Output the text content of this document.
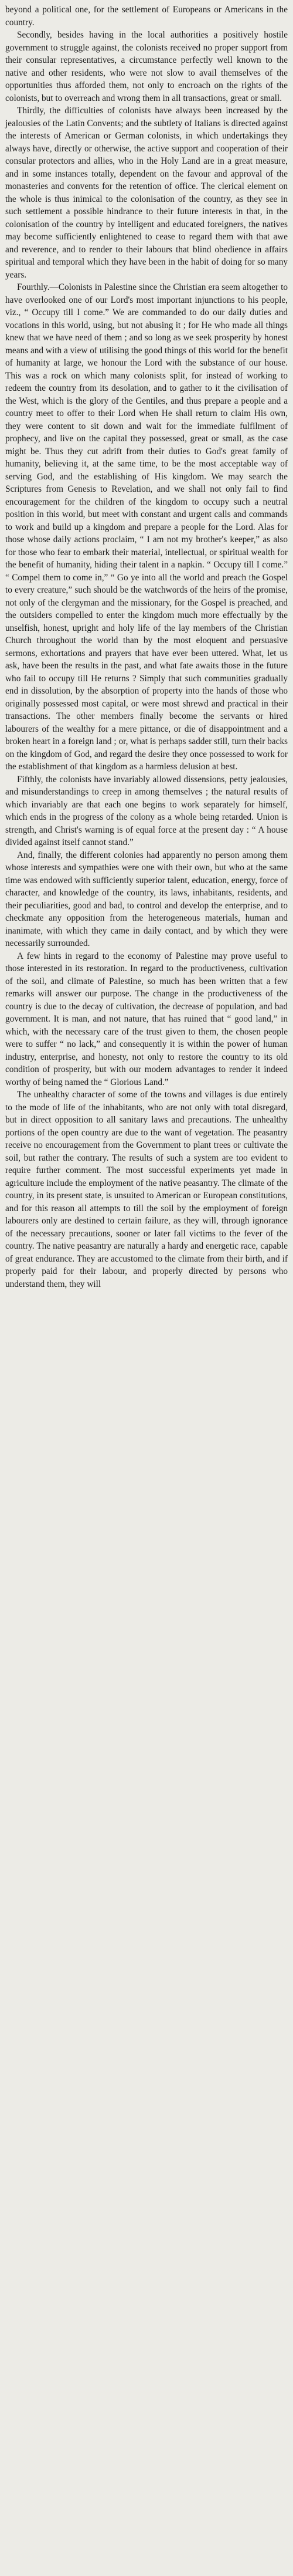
beyond a political one, for the settlement of Europeans or Americans in the country.

Secondly, besides having in the local authorities a positively hostile government to struggle against, the colonists received no proper support from their consular representatives, a circumstance perfectly well known to the native and other residents, who were not slow to avail themselves of the opportunities thus afforded them, not only to encroach on the rights of the colonists, but to overreach and wrong them in all transactions, great or small.

Thirdly, the difficulties of colonists have always been increased by the jealousies of the Latin Convents; and the subtlety of Italians is directed against the interests of American or German colonists, in which undertakings they always have, directly or otherwise, the active support and cooperation of their consular protectors and allies, who in the Holy Land are in a great measure, and in some instances totally, dependent on the favour and approval of the monasteries and convents for the retention of office. The clerical element on the whole is thus inimical to the colonisation of the country, as they see in such settlement a possible hindrance to their future interests in that, in the colonisation of the country by intelligent and educated foreigners, the natives may become sufficiently enlightened to cease to regard them with that awe and reverence, and to render to their labours that blind obedience in affairs spiritual and temporal which they have been in the habit of doing for so many years.

Fourthly.—Colonists in Palestine since the Christian era seem altogether to have overlooked one of our Lord's most important injunctions to his people, viz., “ Occupy till I come.” We are commanded to do our daily duties and vocations in this world, using, but not abusing it ; for He who made all things knew that we have need of them ; and so long as we seek prosperity by honest means and with a view of utilising the good things of this world for the benefit of humanity at large, we honour the Lord with the substance of our house. This was a rock on which many colonists split, for instead of working to redeem the country from its desolation, and to gather to it the civilisation of the West, which is the glory of the Gentiles, and thus prepare a people and a country meet to offer to their Lord when He shall return to claim His own, they were content to sit down and wait for the immediate fulfilment of prophecy, and live on the capital they possessed, great or small, as the case might be. Thus they cut adrift from their duties to God's great family of humanity, believing it, at the same time, to be the most acceptable way of serving God, and the establishing of His kingdom. We may search the Scriptures from Genesis to Revelation, and we shall not only fail to find encouragement for the children of the kingdom to occupy such a neutral position in this world, but meet with constant and urgent calls and commands to work and build up a kingdom and prepare a people for the Lord. Alas for those whose daily actions proclaim, “ I am not my brother's keeper,” as also for those who fear to embark their material, intellectual, or spiritual wealth for the benefit of humanity, hiding their talent in a napkin. “ Occupy till I come.” “ Compel them to come in,” “ Go ye into all the world and preach the Gospel to every creature,” such should be the watchwords of the heirs of the promise, not only of the clergyman and the missionary, for the Gospel is preached, and the outsiders compelled to enter the kingdom much more effectually by the unselfish, honest, upright and holy life of the lay members of the Christian Church throughout the world than by the most eloquent and persuasive sermons, exhortations and prayers that have ever been uttered. What, let us ask, have been the results in the past, and what fate awaits those in the future who fail to occupy till He returns ? Simply that such communities gradually end in dissolution, by the absorption of property into the hands of those who originally possessed most capital, or were most shrewd and practical in their transactions. The other members finally become the servants or hired labourers of the wealthy for a mere pittance, or die of disappointment and a broken heart in a foreign land ; or, what is perhaps sadder still, turn their backs on the kingdom of God, and regard the desire they once possessed to work for the establishment of that kingdom as a harmless delusion at best.

Fifthly, the colonists have invariably allowed dissensions, petty jealousies, and misunderstandings to creep in among themselves ; the natural results of which invariably are that each one begins to work separately for himself, which ends in the progress of the colony as a whole being retarded. Union is strength, and Christ's warning is of equal force at the present day : “ A house divided against itself cannot stand.”

And, finally, the different colonies had apparently no person among them whose interests and sympathies were one with their own, but who at the same time was endowed with sufficiently superior talent, education, energy, force of character, and knowledge of the country, its laws, inhabitants, residents, and their peculiarities, good and bad, to control and develop the enterprise, and to checkmate any opposition from the heterogeneous materials, human and inanimate, with which they came in daily contact, and by which they were necessarily surrounded.

A few hints in regard to the economy of Palestine may prove useful to those interested in its restoration. In regard to the productiveness, cultivation of the soil, and climate of Palestine, so much has been written that a few remarks will answer our purpose. The change in the productiveness of the country is due to the decay of cultivation, the decrease of population, and bad government. It is man, and not nature, that has ruined that “ good land,” in which, with the necessary care of the trust given to them, the chosen people were to suffer “ no lack,” and consequently it is within the power of human industry, enterprise, and honesty, not only to restore the country to its old condition of prosperity, but with our modern advantages to render it indeed worthy of being named the “ Glorious Land.”

The unhealthy character of some of the towns and villages is due entirely to the mode of life of the inhabitants, who are not only with total disregard, but in direct opposition to all sanitary laws and precautions. The unhealthy portions of the open country are due to the want of vegetation. The peasantry receive no encouragement from the Government to plant trees or cultivate the soil, but rather the contrary. The results of such a system are too evident to require further comment. The most successful experiments yet made in agriculture include the employment of the native peasantry. The climate of the country, in its present state, is unsuited to American or European constitutions, and for this reason all attempts to till the soil by the employment of foreign labourers only are destined to certain failure, as they will, through ignorance of the necessary precautions, sooner or later fall victims to the fever of the country. The native peasantry are naturally a hardy and energetic race, capable of great endurance. They are accustomed to the climate from their birth, and if properly paid for their labour, and properly directed by persons who understand them, they will
